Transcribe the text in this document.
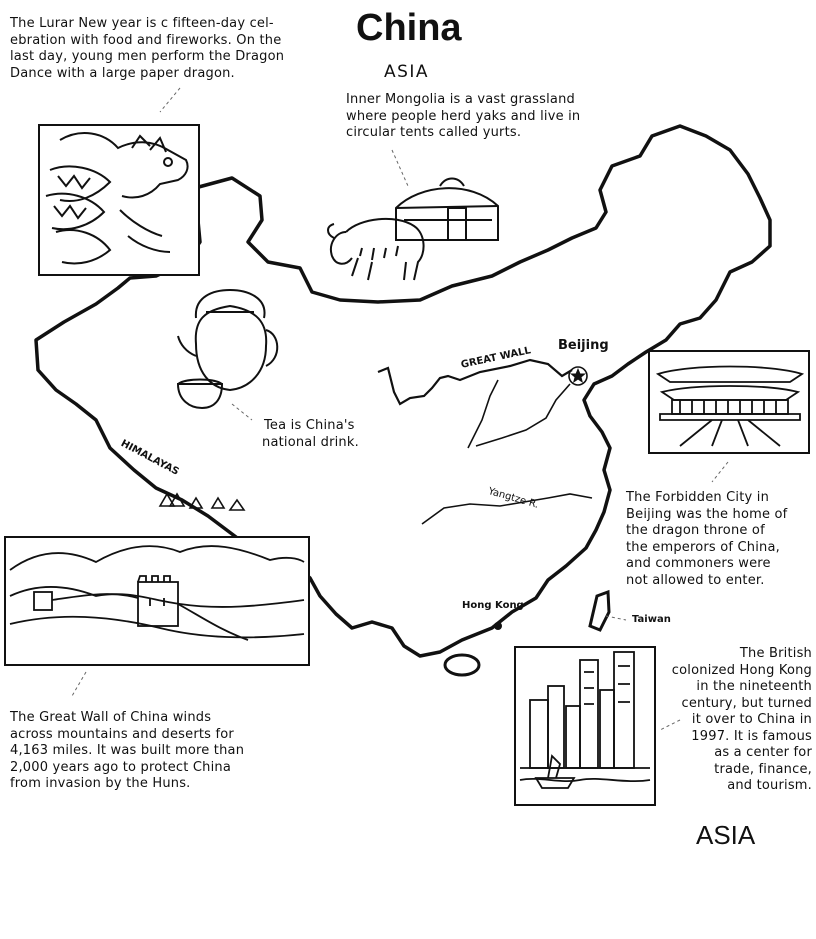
China
ASIA
ASIA
The Lurar New year is c fifteen-day cel-
ebration with food and fireworks. On the
last day, young men perform the Dragon
Dance with a large paper dragon.
Inner Mongolia is a vast grassland
where people herd yaks and live in
circular tents called yurts.
Tea is China's
national drink.
The Forbidden City in
Beijing was the home of
the dragon throne of
the emperors of China,
and commoners were
not allowed to enter.
The Great Wall of China winds
across mountains and deserts for
4,163 miles. It was built more than
2,000 years ago to protect China
from invasion by the Huns.
The British
colonized Hong Kong
in the nineteenth
century, but turned
it over to China in
1997. It is famous
as a center for
trade, finance,
and tourism.
Beijing
GREAT WALL
HIMALAYAS
Yangtze R.
Hong Kong
Taiwan
